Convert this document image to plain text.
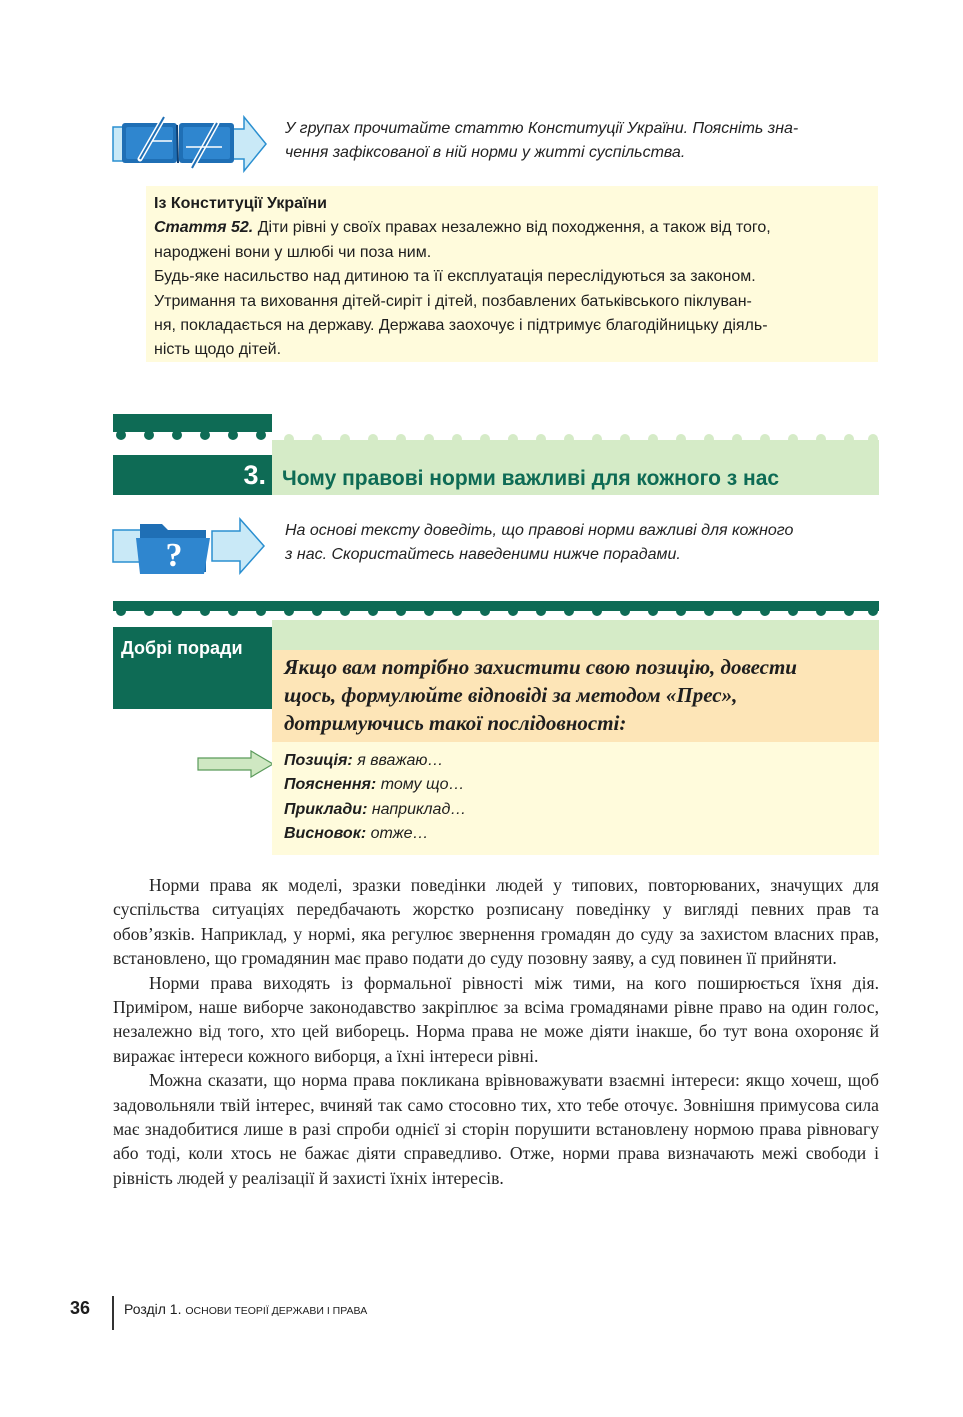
У групах прочитайте статтю Конституції України. Поясніть зна-
чення зафіксованої в ній норми у житті суспільства.
Із Конституції України
Стаття 52. Діти рівні у своїх правах незалежно від походження, а також від того,
народжені вони у шлюбі чи поза ним.
Будь-яке насильство над дитиною та її експлуатація переслідуються за законом.
Утримання та виховання дітей-сиріт і дітей, позбавлених батьківського піклуван-
ня, покладається на державу. Держава заохочує і підтримує благодійницьку діяль-
ність щодо дітей.
3. Чому правові норми важливі для кожного з нас
?
На основі тексту доведіть, що правові норми важливі для кожного
з нас. Скористайтесь наведеними нижче порадами.
Добрі поради
Якщо вам потрібно захистити свою позицію, довести
щось, формулюйте відповіді за методом «Прес»,
дотримуючись такої послідовності:
Позиція: я вважаю…
Пояснення: тому що…
Приклади: наприклад…
Висновок: отже…

Норми права як моделі, зразки поведінки людей у типових, повторюваних, значущих для суспільства ситуаціях передбачають жорстко розписану поведінку у вигляді певних прав та обов’язків. Наприклад, у нормі, яка регулює звернення громадян до суду за захистом власних прав, встановлено, що громадянин має право подати до суду позовну заяву, а суд повинен її прийняти.

Норми права виходять із формальної рівності між тими, на кого поширюється їхня дія. Приміром, наше виборче законодавство закріплює за всіма громадянами рівне право на один голос, незалежно від того, хто цей виборець. Норма права не може діяти інакше, бо тут вона охороняє й виражає інтереси кожного виборця, а їхні інтереси рівні.

Можна сказати, що норма права покликана врівноважувати взаємні інтереси: якщо хочеш, щоб задовольняли твій інтерес, вчиняй так само стосовно тих, хто тебе оточує. Зовнішня примусова сила має знадобитися лише в разі спроби однієї зі сторін порушити встановлену нормою права рівновагу або тоді, коли хтось не бажає діяти справедливо. Отже, норми права визначають межі свободи і рівність людей у реалізації й захисті їхніх інтересів.

36 Розділ 1. ОСНОВИ ТЕОРІЇ ДЕРЖАВИ І ПРАВА
